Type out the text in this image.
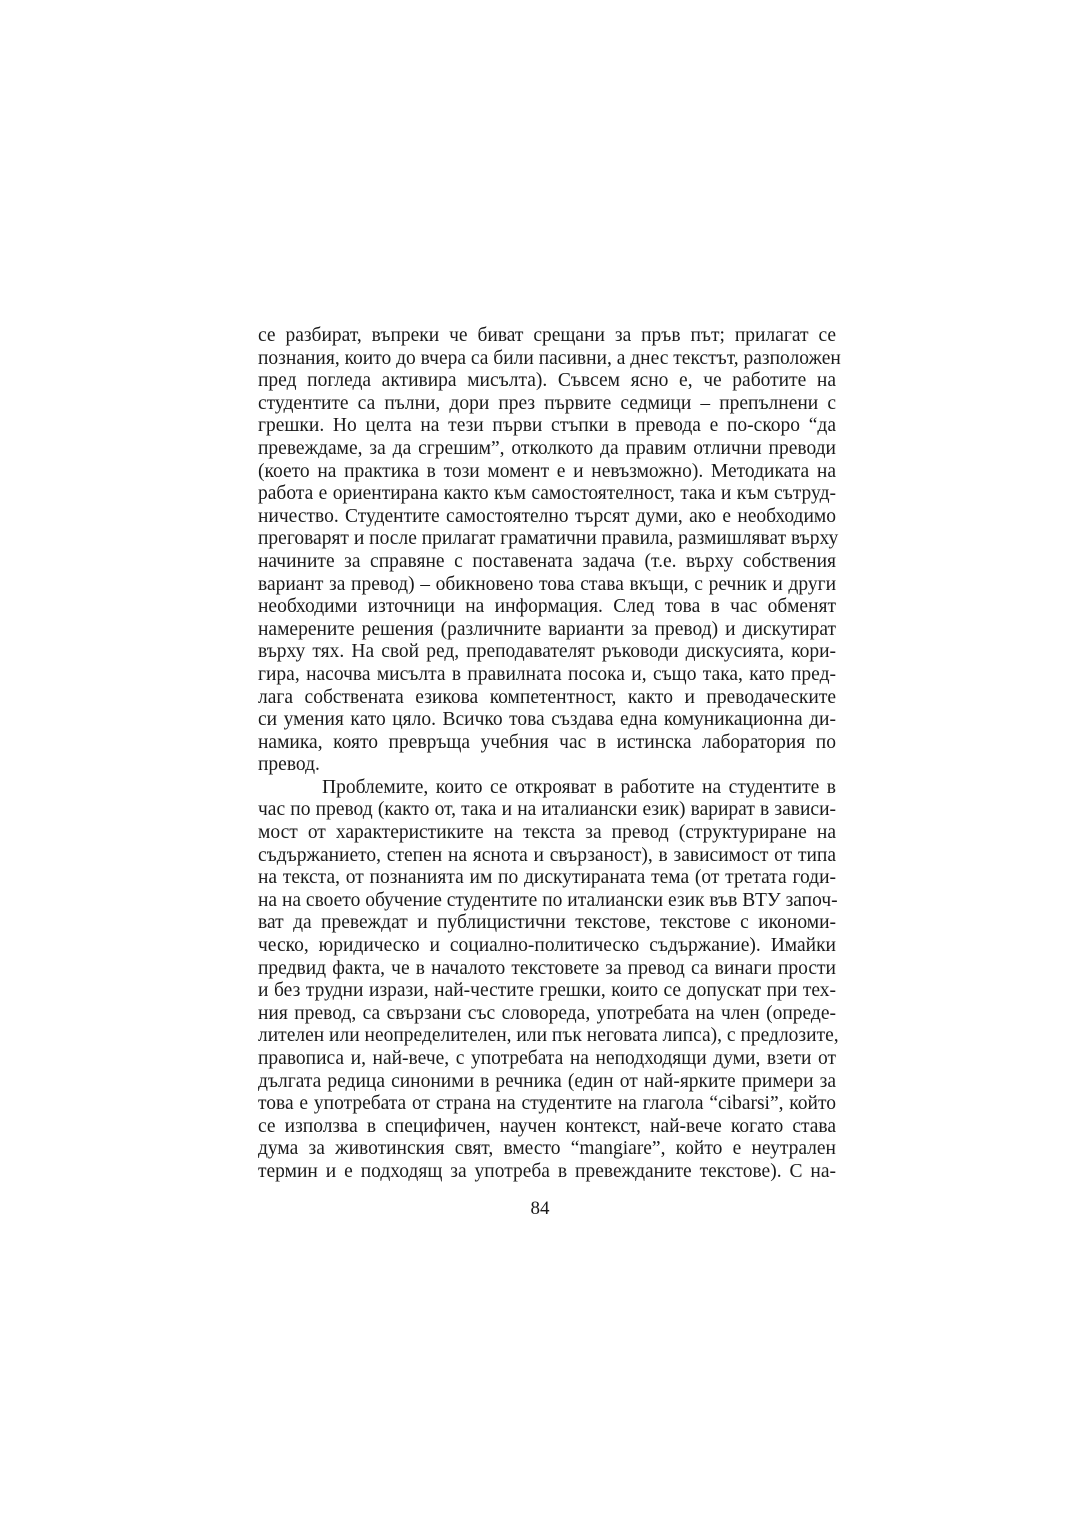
се разбират, въпреки че биват срещани за пръв път; прилагат се
познания, които до вчера са били пасивни, а днес текстът, разположен
пред погледа активира мисълта). Съвсем ясно е, че работите на
студентите са пълни, дори през първите седмици – препълнени с
грешки. Но целта на тези първи стъпки в превода е по-скоро “да
превеждаме, за да сгрешим”, отколкото да правим отлични преводи
(което на практика в този момент е и невъзможно). Методиката на
работа е ориентирана както към самостоятелност, така и към сътруд-
ничество. Студентите самостоятелно търсят думи, ако е необходимо
преговарят и после прилагат граматични правила, размишляват върху
начините за справяне с поставената задача (т.е. върху собствения
вариант за превод) – обикновено това става вкъщи, с речник и други
необходими източници на информация. След това в час обменят
намерените решения (различните варианти за превод) и дискутират
върху тях. На свой ред, преподавателят ръководи дискусията, кори-
гира, насочва мисълта в правилната посока и, също така, като пред-
лага собствената езикова компетентност, както и преводаческите
си умения като цяло. Всичко това създава една комуникационна ди-
намика, която превръща учебния час в истинска лаборатория по
превод.
Проблемите, които се открояват в работите на студентите в
час по превод (както от, така и на италиански език) варират в зависи-
мост от характеристиките на текста за превод (структуриране на
съдържанието, степен на яснота и свързаност), в зависимост от типа
на текста, от познанията им по дискутираната тема (от третата годи-
на на своето обучение студентите по италиански език във ВТУ започ-
ват да превеждат и публицистични текстове, текстове с икономи-
ческо, юридическо и социално-политическо съдържание). Имайки
предвид факта, че в началото текстовете за превод са винаги прости
и без трудни изрази, най-честите грешки, които се допускат при тех-
ния превод, са свързани със словореда, употребата на член (опреде-
лителен или неопределителен, или пък неговата липса), с предлозите,
правописа и, най-вече, с употребата на неподходящи думи, взети от
дългата редица синоними в речника (един от най-ярките примери за
това е употребата от страна на студентите на глагола “cibarsi”, който
се използва в специфичен, научен контекст, най-вече когато става
дума за животинския свят, вместо “mangiare”, който е неутрален
термин и е подходящ за употреба в превежданите текстове). С на-
84
